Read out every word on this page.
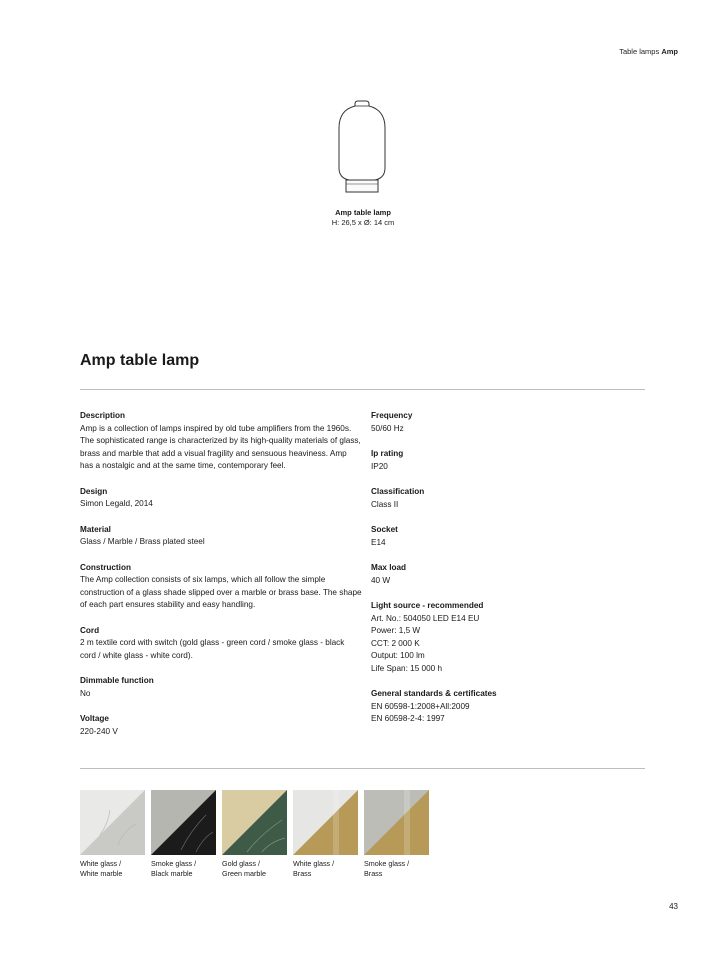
Table lamps Amp
Amp table lamp
H: 26,5 x Ø: 14 cm
Amp table lamp
Description

Amp is a collection of lamps inspired by old tube amplifiers from the 1960s. The sophisticated range is characterized by its high-quality materials of glass, brass and marble that add a visual fragility and sensuous heaviness. Amp has a nostalgic and at the same time, contemporary feel.

Design

Simon Legald, 2014

Material

Glass / Marble / Brass plated steel

Construction

The Amp collection consists of six lamps, which all follow the simple construction of a glass shade slipped over a marble or brass base. The shape of each part ensures stability and easy handling.

Cord

2 m textile cord with switch (gold glass - green cord / smoke glass - black cord / white glass - white cord).

Dimmable function

No

Voltage

220-240 V

Frequency

50/60 Hz

Ip rating

IP20

Classification

Class II

Socket

E14

Max load

40 W

Light source - recommended

Art. No.: 504050 LED E14 EU

Power: 1,5 W

CCT: 2 000 K

Output: 100 lm

Life Span: 15 000 h

General standards & certificates

EN 60598-1:2008+All:2009

EN 60598-2-4: 1997

White glass /
White marble
Smoke glass /
Black marble
Gold glass /
Green marble
White glass /
Brass
Smoke glass /
Brass
43
